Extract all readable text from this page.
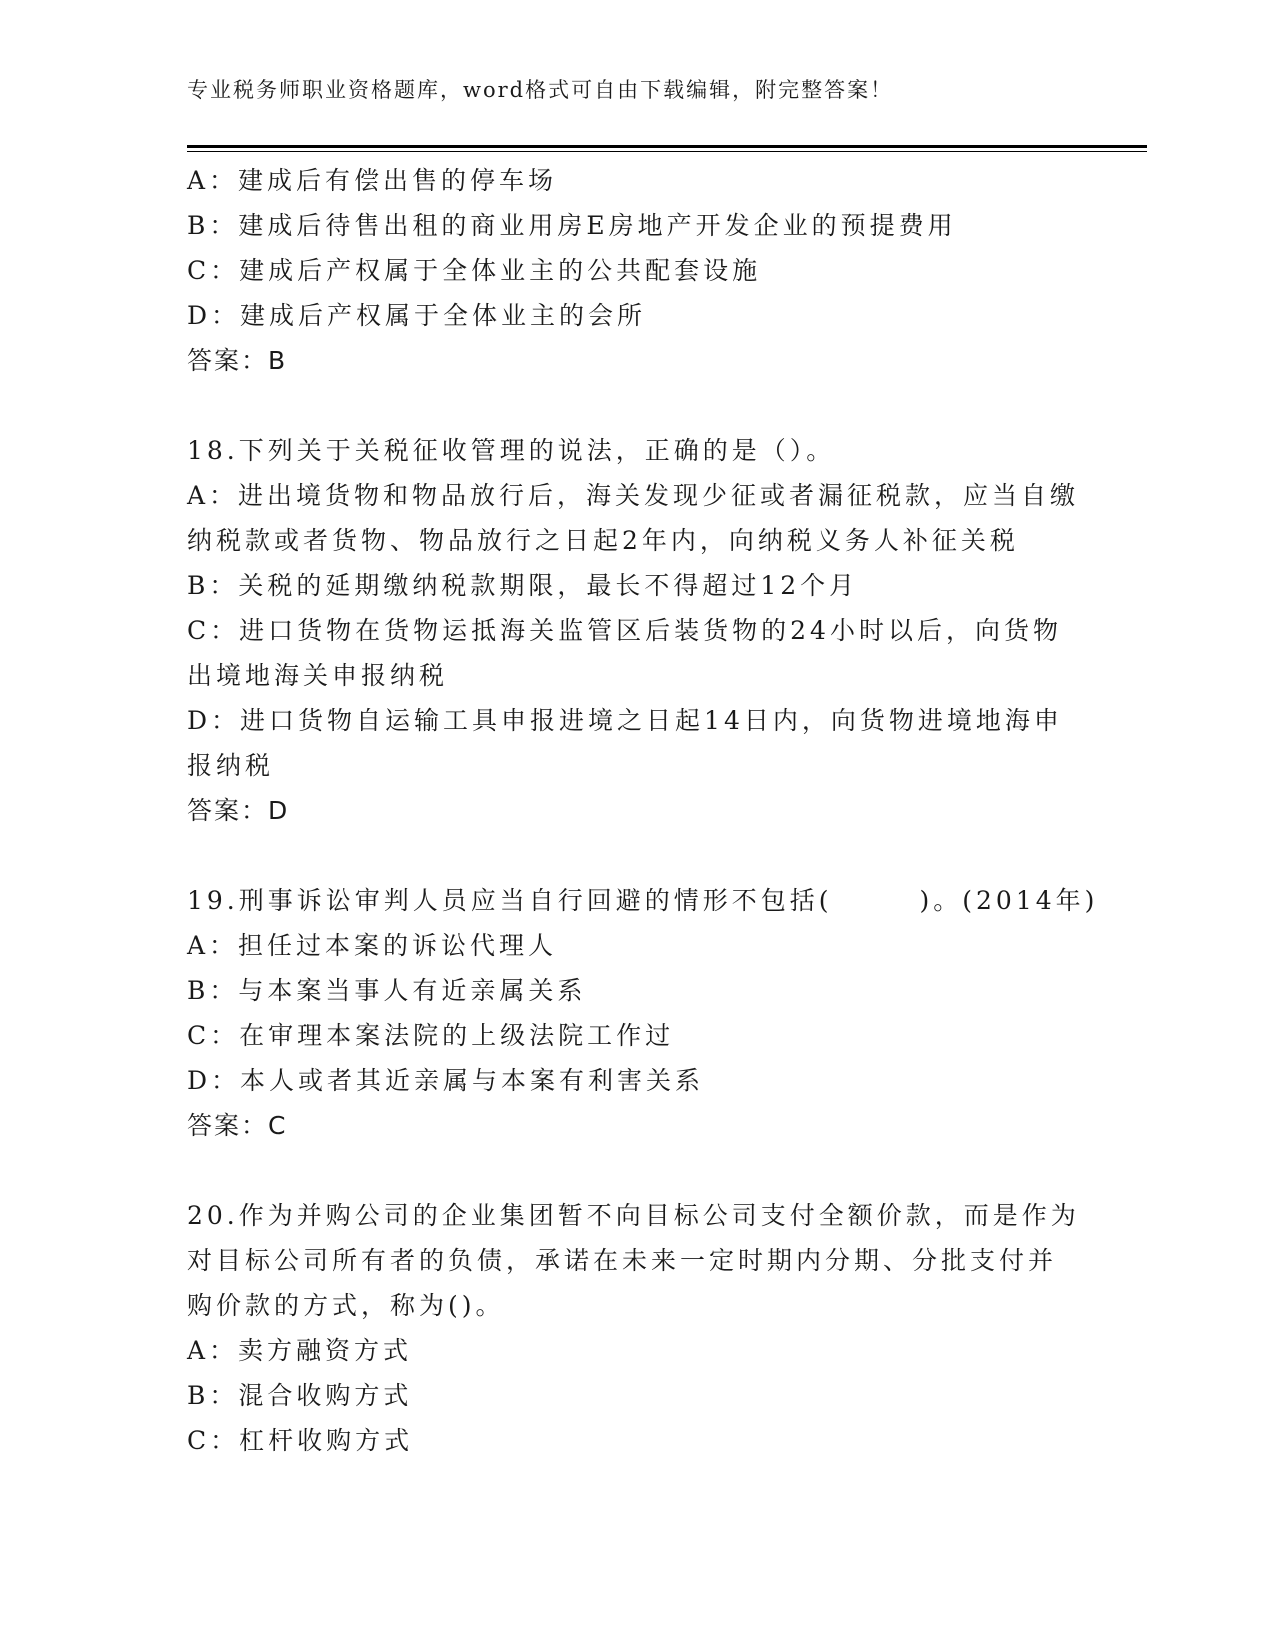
专业税务师职业资格题库，word格式可自由下载编辑，附完整答案！
A：建成后有偿出售的停车场
B：建成后待售出租的商业用房E房地产开发企业的预提费用
C：建成后产权属于全体业主的公共配套设施
D：建成后产权属于全体业主的会所
答案：B
18.下列关于关税征收管理的说法，正确的是（）。
A：进出境货物和物品放行后，海关发现少征或者漏征税款，应当自缴
纳税款或者货物、物品放行之日起2年内，向纳税义务人补征关税
B：关税的延期缴纳税款期限，最长不得超过12个月
C：进口货物在货物运抵海关监管区后装货物的24小时以后，向货物
出境地海关申报纳税
D：进口货物自运输工具申报进境之日起14日内，向货物进境地海申
报纳税
答案：D
19.刑事诉讼审判人员应当自行回避的情形不包括(　　　)。(2014年)
A：担任过本案的诉讼代理人
B：与本案当事人有近亲属关系
C：在审理本案法院的上级法院工作过
D：本人或者其近亲属与本案有利害关系
答案：C
20.作为并购公司的企业集团暂不向目标公司支付全额价款，而是作为
对目标公司所有者的负债，承诺在未来一定时期内分期、分批支付并
购价款的方式，称为()。
A：卖方融资方式
B：混合收购方式
C：杠杆收购方式
